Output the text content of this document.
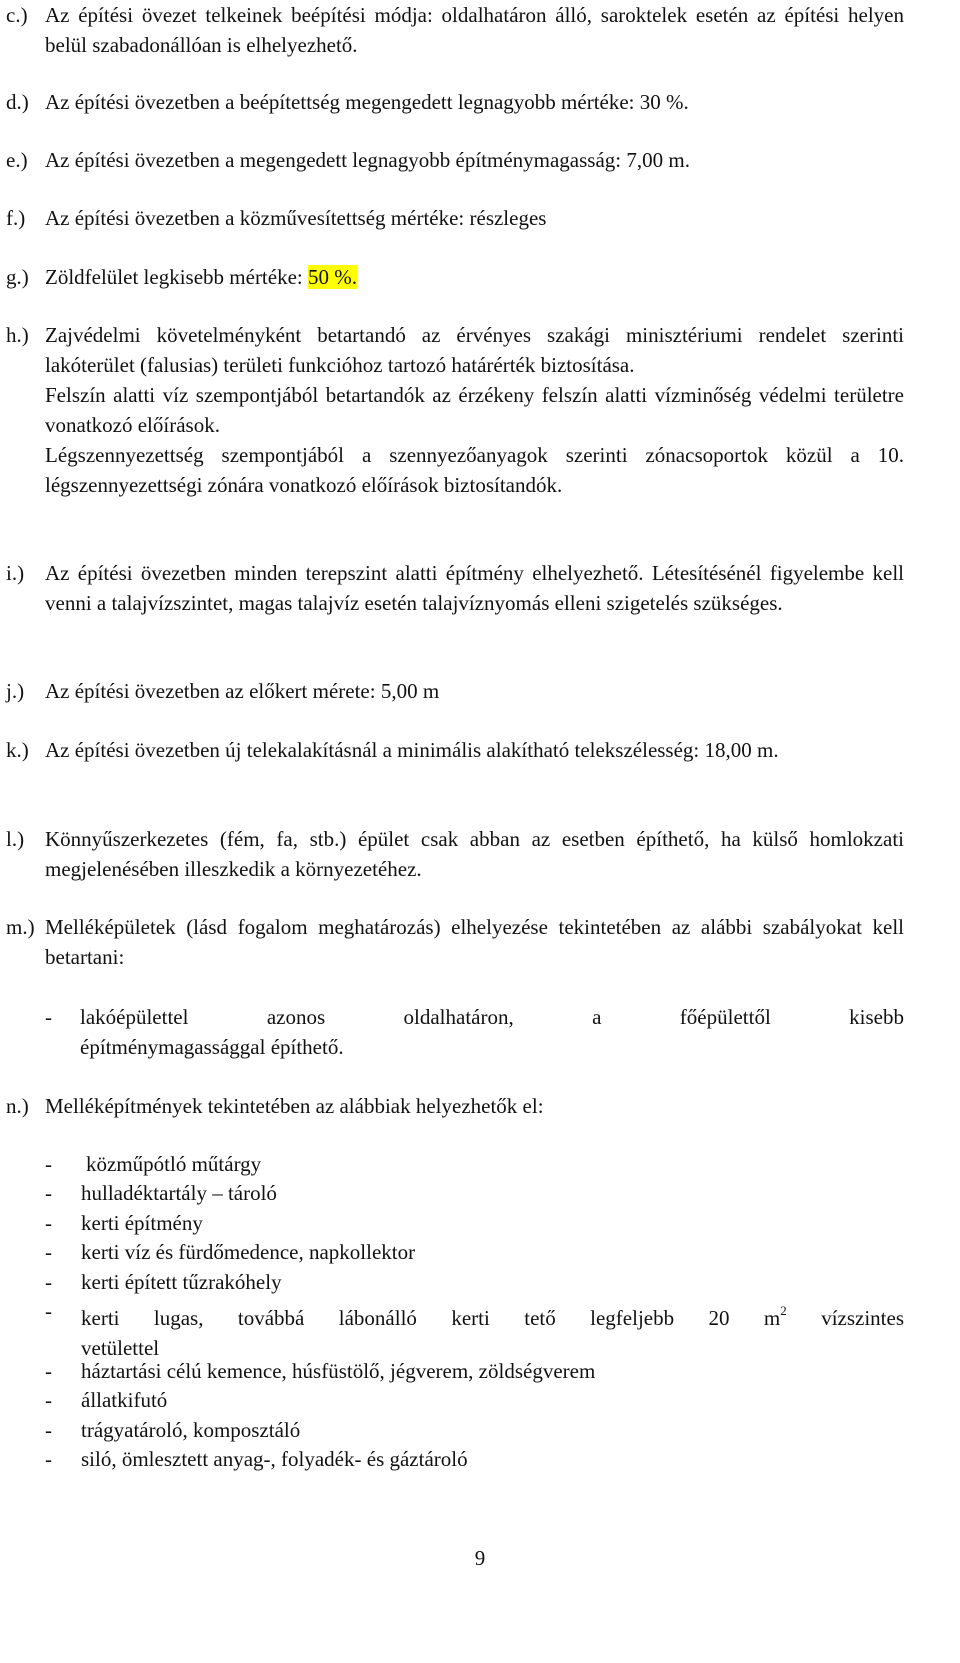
c.) Az építési övezet telkeinek beépítési módja: oldalhatáron álló, saroktelek esetén az építési helyen belül szabadonállóan is elhelyezhető.
d.) Az építési övezetben a beépítettség megengedett legnagyobb mértéke: 30 %.
e.) Az építési övezetben a megengedett legnagyobb építménymagasság: 7,00 m.
f.) Az építési övezetben a közművesítettség mértéke: részleges
g.) Zöldfelület legkisebb mértéke: 50 %.
h.) Zajvédelmi követelményként betartandó az érvényes szakági minisztériumi rendelet szerinti lakóterület (falusias) területi funkcióhoz tartozó határérték biztosítása.
Felszín alatti víz szempontjából betartandók az érzékeny felszín alatti vízminőség védelmi területre vonatkozó előírások.
Légszennyezettség szempontjából a szennyezőanyagok szerinti zónacsoportok közül a 10. légszennyezettségi zónára vonatkozó előírások biztosítandók.
i.) Az építési övezetben minden terepszint alatti építmény elhelyezhető. Létesítésénél figyelembe kell venni a talajvízszintet, magas talajvíz esetén talajvíznyomás elleni szigetelés szükséges.
j.) Az építési övezetben az előkert mérete: 5,00 m
k.) Az építési övezetben új telekalakításnál a minimális alakítható telekszélesség: 18,00 m.
l.) Könnyűszerkezetes (fém, fa, stb.) épület csak abban az esetben építhető, ha külső homlokzati megjelenésében illeszkedik a környezetéhez.
m.) Melléképületek (lásd fogalom meghatározás) elhelyezése tekintetében az alábbi szabályokat kell betartani:
- lakóépülettel azonos oldalhatáron, a főépülettől kisebb
építménymagassággal építhető.
n.) Melléképítmények tekintetében az alábbiak helyezhetők el:
- közműpótló műtárgy
- hulladéktartály – tároló
- kerti építmény
- kerti víz és fürdőmedence, napkollektor
- kerti épített tűzrakóhely
- kerti lugas, továbbá lábonálló kerti tető legfeljebb 20 $m^2$ vízszintes
vetülettel
- háztartási célú kemence, húsfüstölő, jégverem, zöldségverem
- állatkifutó
- trágyatároló, komposztáló
- siló, ömlesztett anyag-, folyadék- és gáztároló
9
